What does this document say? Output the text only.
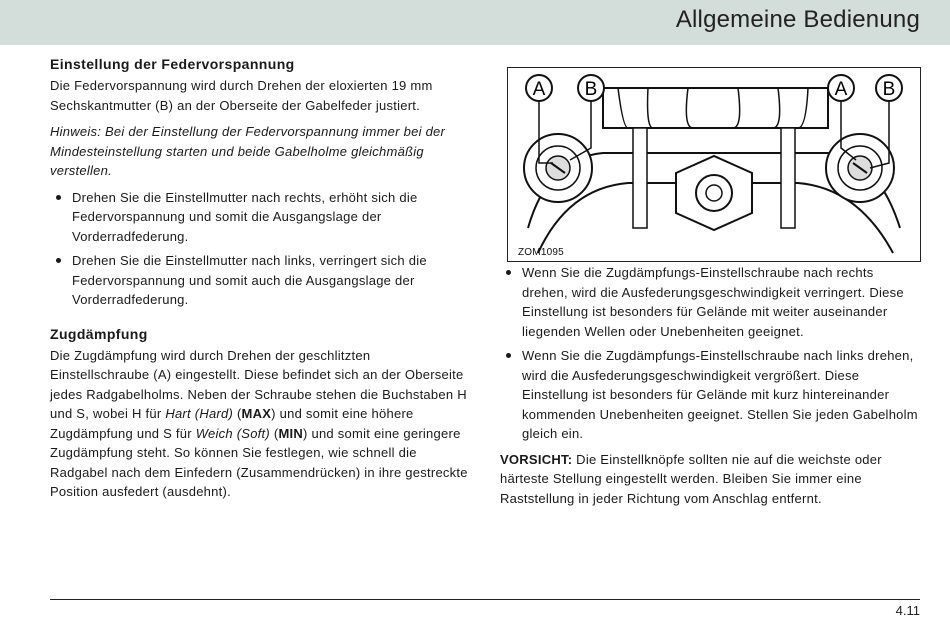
Allgemeine Bedienung
Einstellung der Federvorspannung

Die Federvorspannung wird durch Drehen der eloxierten 19 mm Sechskantmutter (B) an der Oberseite der Gabelfeder justiert.

Hinweis: Bei der Einstellung der Federvorspannung immer bei der Mindesteinstellung starten und beide Gabelholme gleichmäßig verstellen.

Drehen Sie die Einstellmutter nach rechts, erhöht sich die Federvorspannung und somit die Ausgangslage der Vorderradfederung.
Drehen Sie die Einstellmutter nach links, verringert sich die Federvorspannung und somit auch die Ausgangslage der Vorderradfederung.
Zugdämpfung

Die Zugdämpfung wird durch Drehen der geschlitzten Einstellschraube (A) eingestellt. Diese befindet sich an der Oberseite jedes Radgabelholms. Neben der Schraube stehen die Buchstaben H und S, wobei H für Hart (Hard) (MAX) und somit eine höhere Zugdämpfung und S für Weich (Soft) (MIN) und somit eine geringere Zugdämpfung steht. So können Sie festlegen, wie schnell die Radgabel nach dem Einfedern (Zusammendrücken) in ihre gestreckte Position ausfedert (ausdehnt).

A B	A B
ZOM1095
Wenn Sie die Zugdämpfungs-Einstellschraube nach rechts drehen, wird die Ausfederungsgeschwindigkeit verringert. Diese Einstellung ist besonders für Gelände mit weiter auseinander liegenden Wellen oder Unebenheiten geeignet.
Wenn Sie die Zugdämpfungs-Einstellschraube nach links drehen, wird die Ausfederungsgeschwindigkeit vergrößert. Diese Einstellung ist besonders für Gelände mit kurz hintereinander kommenden Unebenheiten geeignet. Stellen Sie jeden Gabelholm gleich ein.

VORSICHT: Die Einstellknöpfe sollten nie auf die weichste oder härteste Stellung eingestellt werden. Bleiben Sie immer eine Raststellung in jeder Richtung vom Anschlag entfernt.

4.11
